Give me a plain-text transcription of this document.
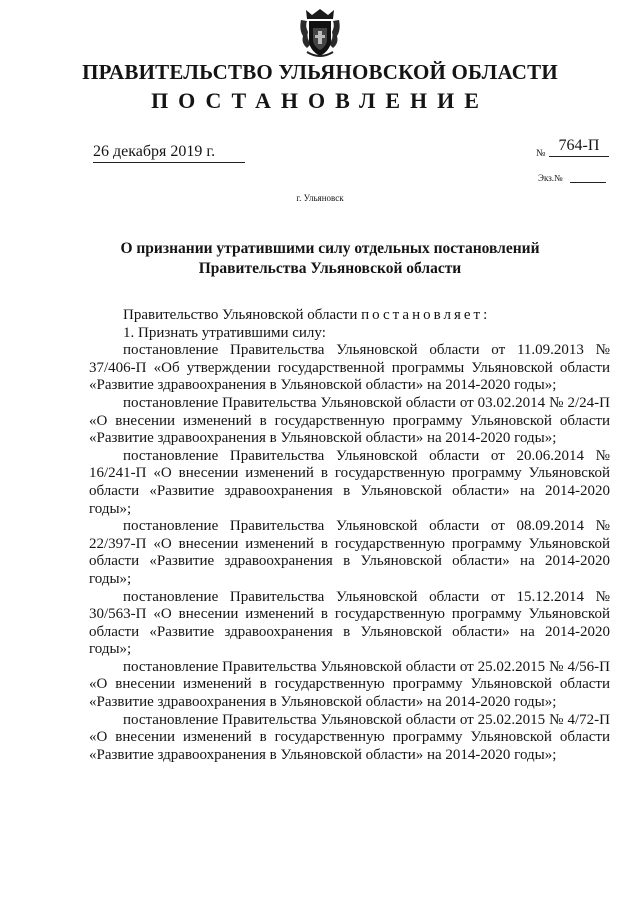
ПРАВИТЕЛЬСТВО УЛЬЯНОВСКОЙ ОБЛАСТИ
ПОСТАНОВЛЕНИЕ
26 декабря 2019 г.	№ 764-П
Экз.№
г. Ульяновск
О признании утратившими силу отдельных постановлений
Правительства Ульяновской области

Правительство Ульяновской области постановляет:

1. Признать утратившими силу:

постановление Правительства Ульяновской области от 11.09.2013 № 37/406-П «Об утверждении государственной программы Ульяновской области «Развитие здравоохранения в Ульяновской области» на 2014-2020 годы»;

постановление Правительства Ульяновской области от 03.02.2014 № 2/24-П «О внесении изменений в государственную программу Ульяновской области «Развитие здравоохранения в Ульяновской области» на 2014-2020 годы»;

постановление Правительства Ульяновской области от 20.06.2014 № 16/241-П «О внесении изменений в государственную программу Ульяновской области «Развитие здравоохранения в Ульяновской области» на 2014-2020 годы»;

постановление Правительства Ульяновской области от 08.09.2014 № 22/397-П «О внесении изменений в государственную программу Ульяновской области «Развитие здравоохранения в Ульяновской области» на 2014-2020 годы»;

постановление Правительства Ульяновской области от 15.12.2014 № 30/563-П «О внесении изменений в государственную программу Ульяновской области «Развитие здравоохранения в Ульяновской области» на 2014-2020 годы»;

постановление Правительства Ульяновской области от 25.02.2015 № 4/56-П «О внесении изменений в государственную программу Ульяновской области «Развитие здравоохранения в Ульяновской области» на 2014-2020 годы»;

постановление Правительства Ульяновской области от 25.02.2015 № 4/72-П «О внесении изменений в государственную программу Ульяновской области «Развитие здравоохранения в Ульяновской области» на 2014-2020 годы»;
